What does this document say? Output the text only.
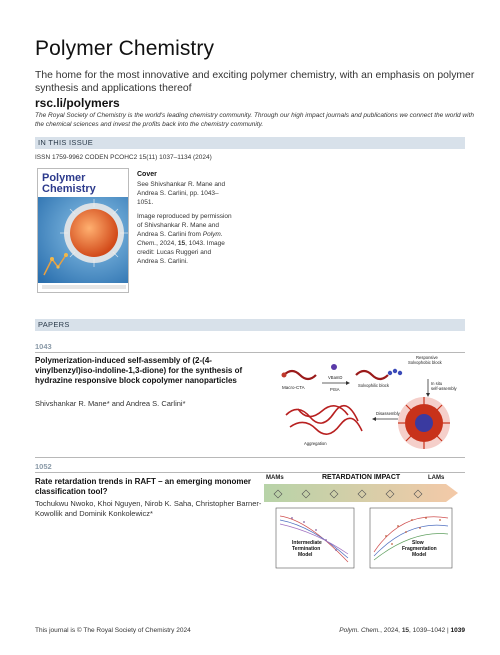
Polymer Chemistry
The home for the most innovative and exciting polymer chemistry, with an emphasis on polymer synthesis and applications thereof
rsc.li/polymers
The Royal Society of Chemistry is the world's leading chemistry community. Through our high impact journals and publications we connect the world with the chemical sciences and invest the profits back into the chemistry community.
IN THIS ISSUE
ISSN 1759-9962 CODEN PCOHC2 15(11) 1037–1134 (2024)
Polymer
Chemistry
Cover
See Shivshankar R. Mane and Andrea S. Carlini, pp. 1043–1051.
Image reproduced by permission of Shivshankar R. Mane and Andrea S. Carlini from Polym. Chem., 2024, 15, 1043. Image credit: Lucas Ruggeri and Andrea S. Carlini.
PAPERS
1043
Polymerization-induced self-assembly of (2-(4-vinylbenzyl)iso-indoline-1,3-dione) for the synthesis of hydrazine responsive block copolymer nanoparticles
Shivshankar R. Mane* and Andrea S. Carlini*
Macro-CTA
VBamD
PISA
Solvophilic block
Responsive
Solvophobic block
In situ
self-assembly
Disassembly
Aggregation
1052
Rate retardation trends in RAFT – an emerging monomer classification tool?
Tochukwu Nwoko, Khoi Nguyen, Nirob K. Saha, Christopher Barner-Kowollik and Dominik Konkolewicz*
MAMs	RETARDATION IMPACT	LAMs
Intermediate
Termination
Model
Slow
Fragmentation
Model
This journal is © The Royal Society of Chemistry 2024	Polym. Chem., 2024, 15, 1039–1042 | 1039
